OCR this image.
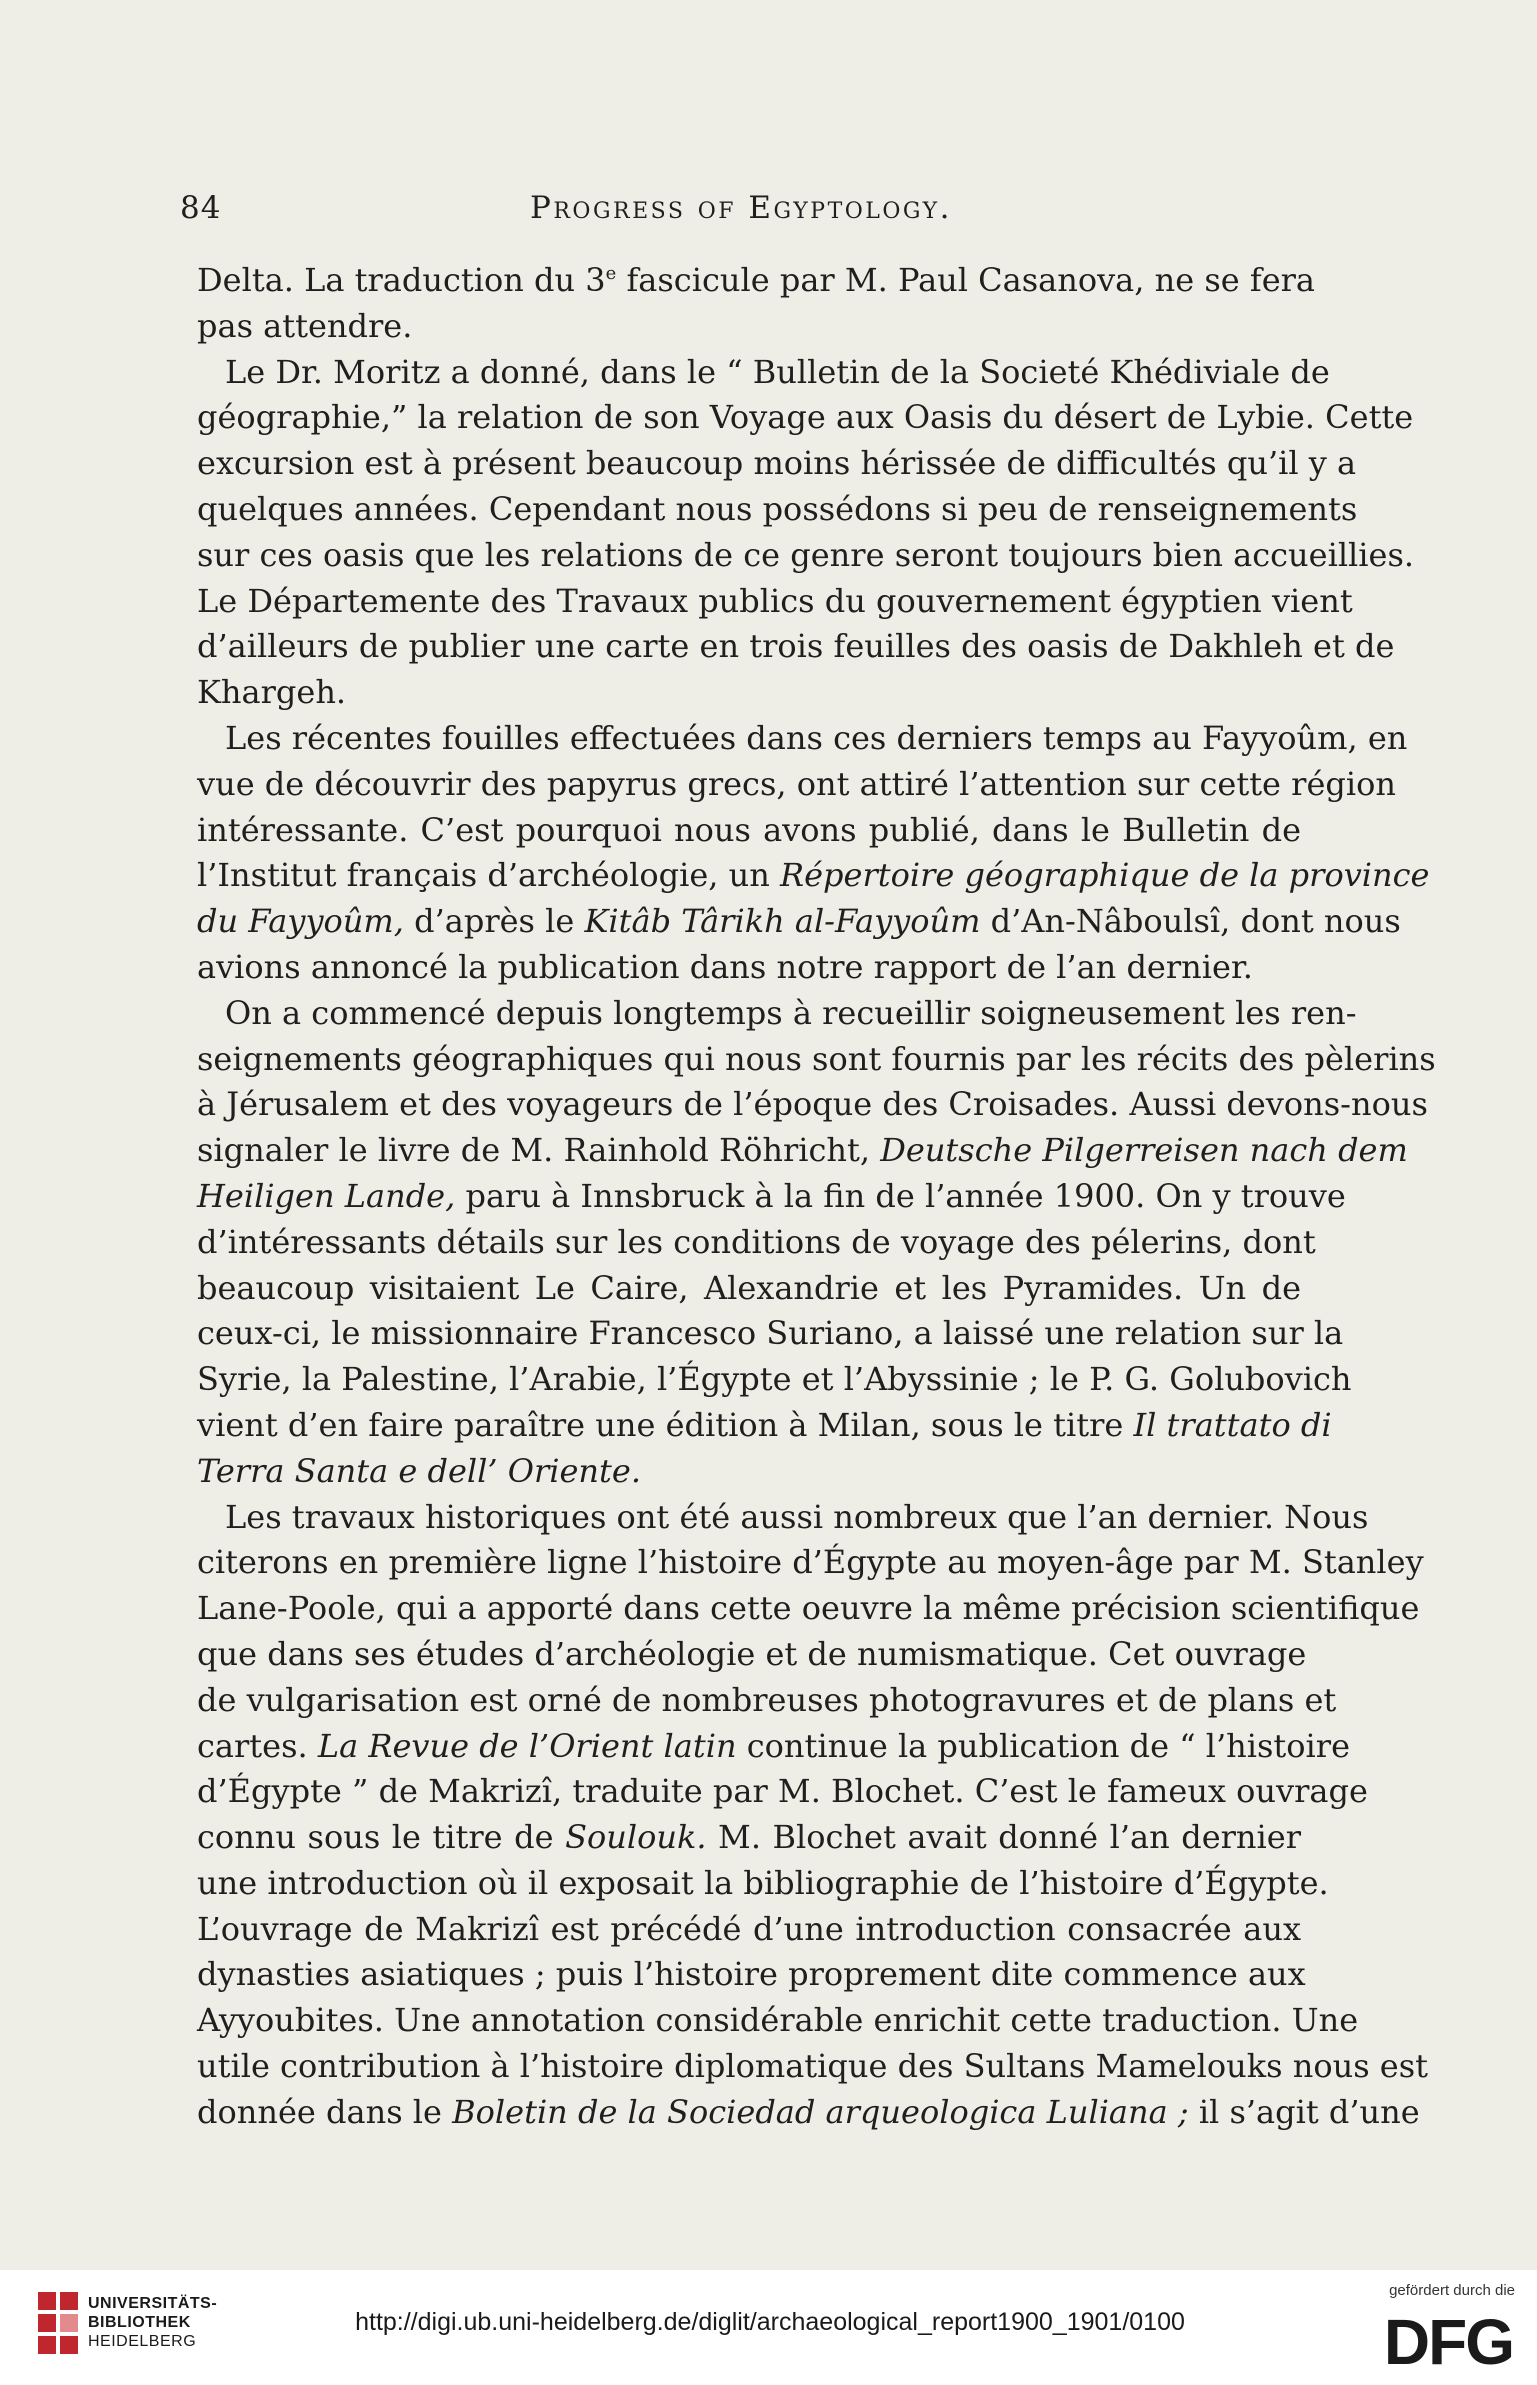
84	Progress of Egyptology.
Delta. La traduction du 3e fascicule par M. Paul Casanova, ne se fera
pas attendre.
Le Dr. Moritz a donné, dans le “ Bulletin de la Societé Khédiviale de
géographie,” la relation de son Voyage aux Oasis du désert de Lybie. Cette
excursion est à présent beaucoup moins hérissée de difficultés qu’il y a
quelques années. Cependant nous possédons si peu de renseignements
sur ces oasis que les relations de ce genre seront toujours bien accueillies.
Le Départemente des Travaux publics du gouvernement égyptien vient
d’ailleurs de publier une carte en trois feuilles des oasis de Dakhleh et de
Khargeh.
Les récentes fouilles effectuées dans ces derniers temps au Fayyoûm, en
vue de découvrir des papyrus grecs, ont attiré l’attention sur cette région
intéressante. C’est pourquoi nous avons publié, dans le Bulletin de
l’Institut français d’archéologie, un Répertoire géographique de la province
du Fayyoûm, d’après le Kitâb Târikh al-Fayyoûm d’An-Nâboulsî, dont nous
avions annoncé la publication dans notre rapport de l’an dernier.
On a commencé depuis longtemps à recueillir soigneusement les ren-
seignements géographiques qui nous sont fournis par les récits des pèlerins
à Jérusalem et des voyageurs de l’époque des Croisades. Aussi devons-nous
signaler le livre de M. Rainhold Röhricht, Deutsche Pilgerreisen nach dem
Heiligen Lande, paru à Innsbruck à la fin de l’année 1900. On y trouve
d’intéressants détails sur les conditions de voyage des pélerins, dont
beaucoup visitaient Le Caire, Alexandrie et les Pyramides. Un de
ceux-ci, le missionnaire Francesco Suriano, a laissé une relation sur la
Syrie, la Palestine, l’Arabie, l’Égypte et l’Abyssinie ; le P. G. Golubovich
vient d’en faire paraître une édition à Milan, sous le titre Il trattato di
Terra Santa e dell’ Oriente.
Les travaux historiques ont été aussi nombreux que l’an dernier. Nous
citerons en première ligne l’histoire d’Égypte au moyen-âge par M. Stanley
Lane-Poole, qui a apporté dans cette oeuvre la même précision scientifique
que dans ses études d’archéologie et de numismatique. Cet ouvrage
de vulgarisation est orné de nombreuses photogravures et de plans et
cartes. La Revue de l’Orient latin continue la publication de “ l’histoire
d’Égypte ” de Makrizî, traduite par M. Blochet. C’est le fameux ouvrage
connu sous le titre de Soulouk. M. Blochet avait donné l’an dernier
une introduction où il exposait la bibliographie de l’histoire d’Égypte.
L’ouvrage de Makrizî est précédé d’une introduction consacrée aux
dynasties asiatiques ; puis l’histoire proprement dite commence aux
Ayyoubites. Une annotation considérable enrichit cette traduction. Une
utile contribution à l’histoire diplomatique des Sultans Mamelouks nous est
donnée dans le Boletin de la Sociedad arqueologica Luliana ; il s’agit d’une
UNIVERSITÄTS-
BIBLIOTHEK
HEIDELBERG
http://digi.ub.uni-heidelberg.de/diglit/archaeological_report1900_1901/0100
gefördert durch die
DFG
